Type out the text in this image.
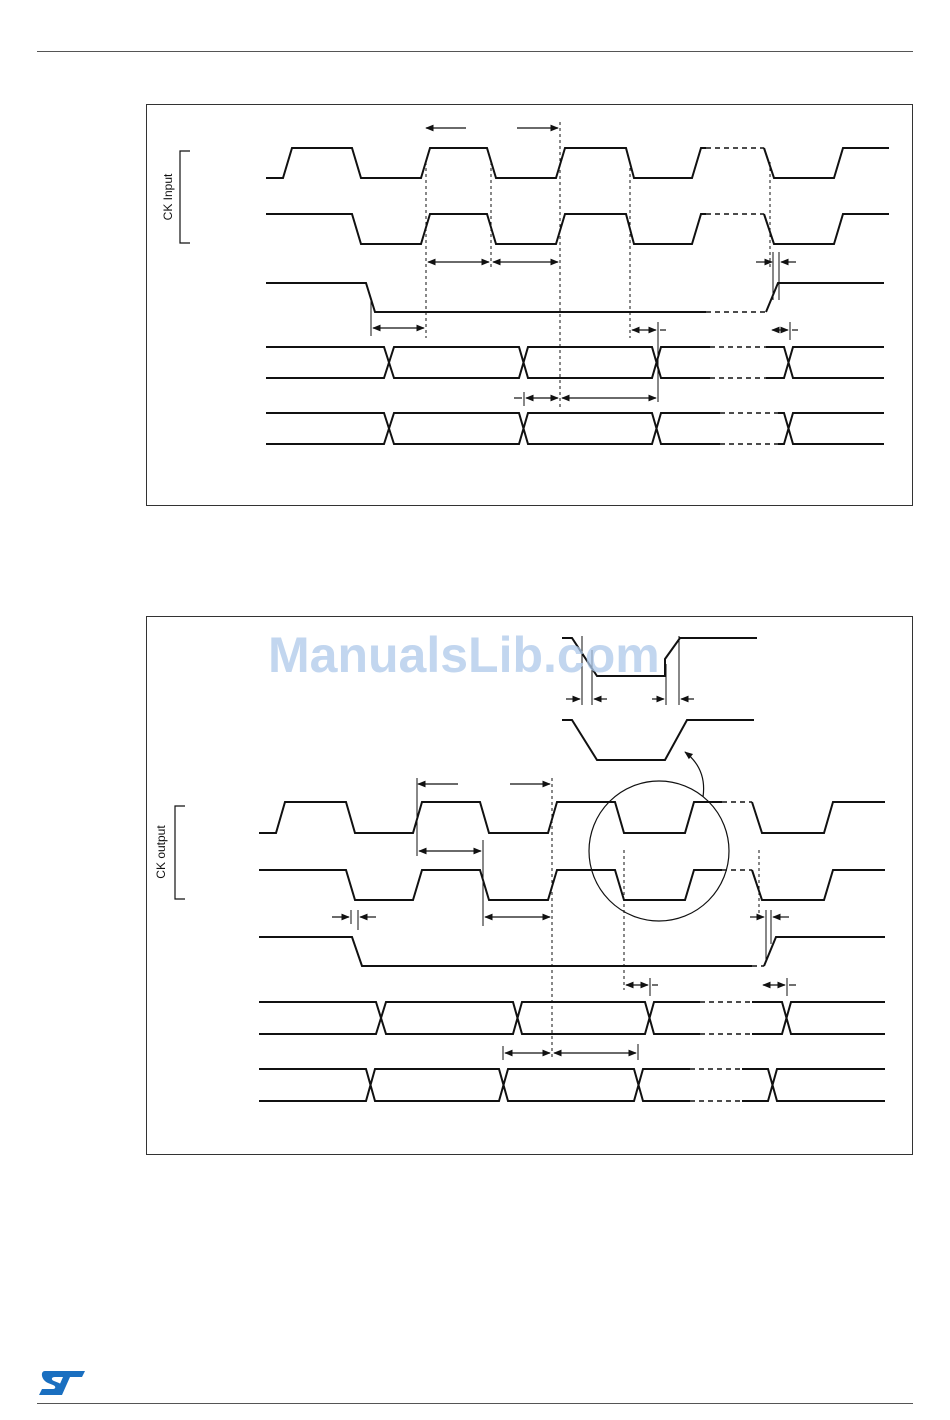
CK Input
CK output
ManualsLib.com
